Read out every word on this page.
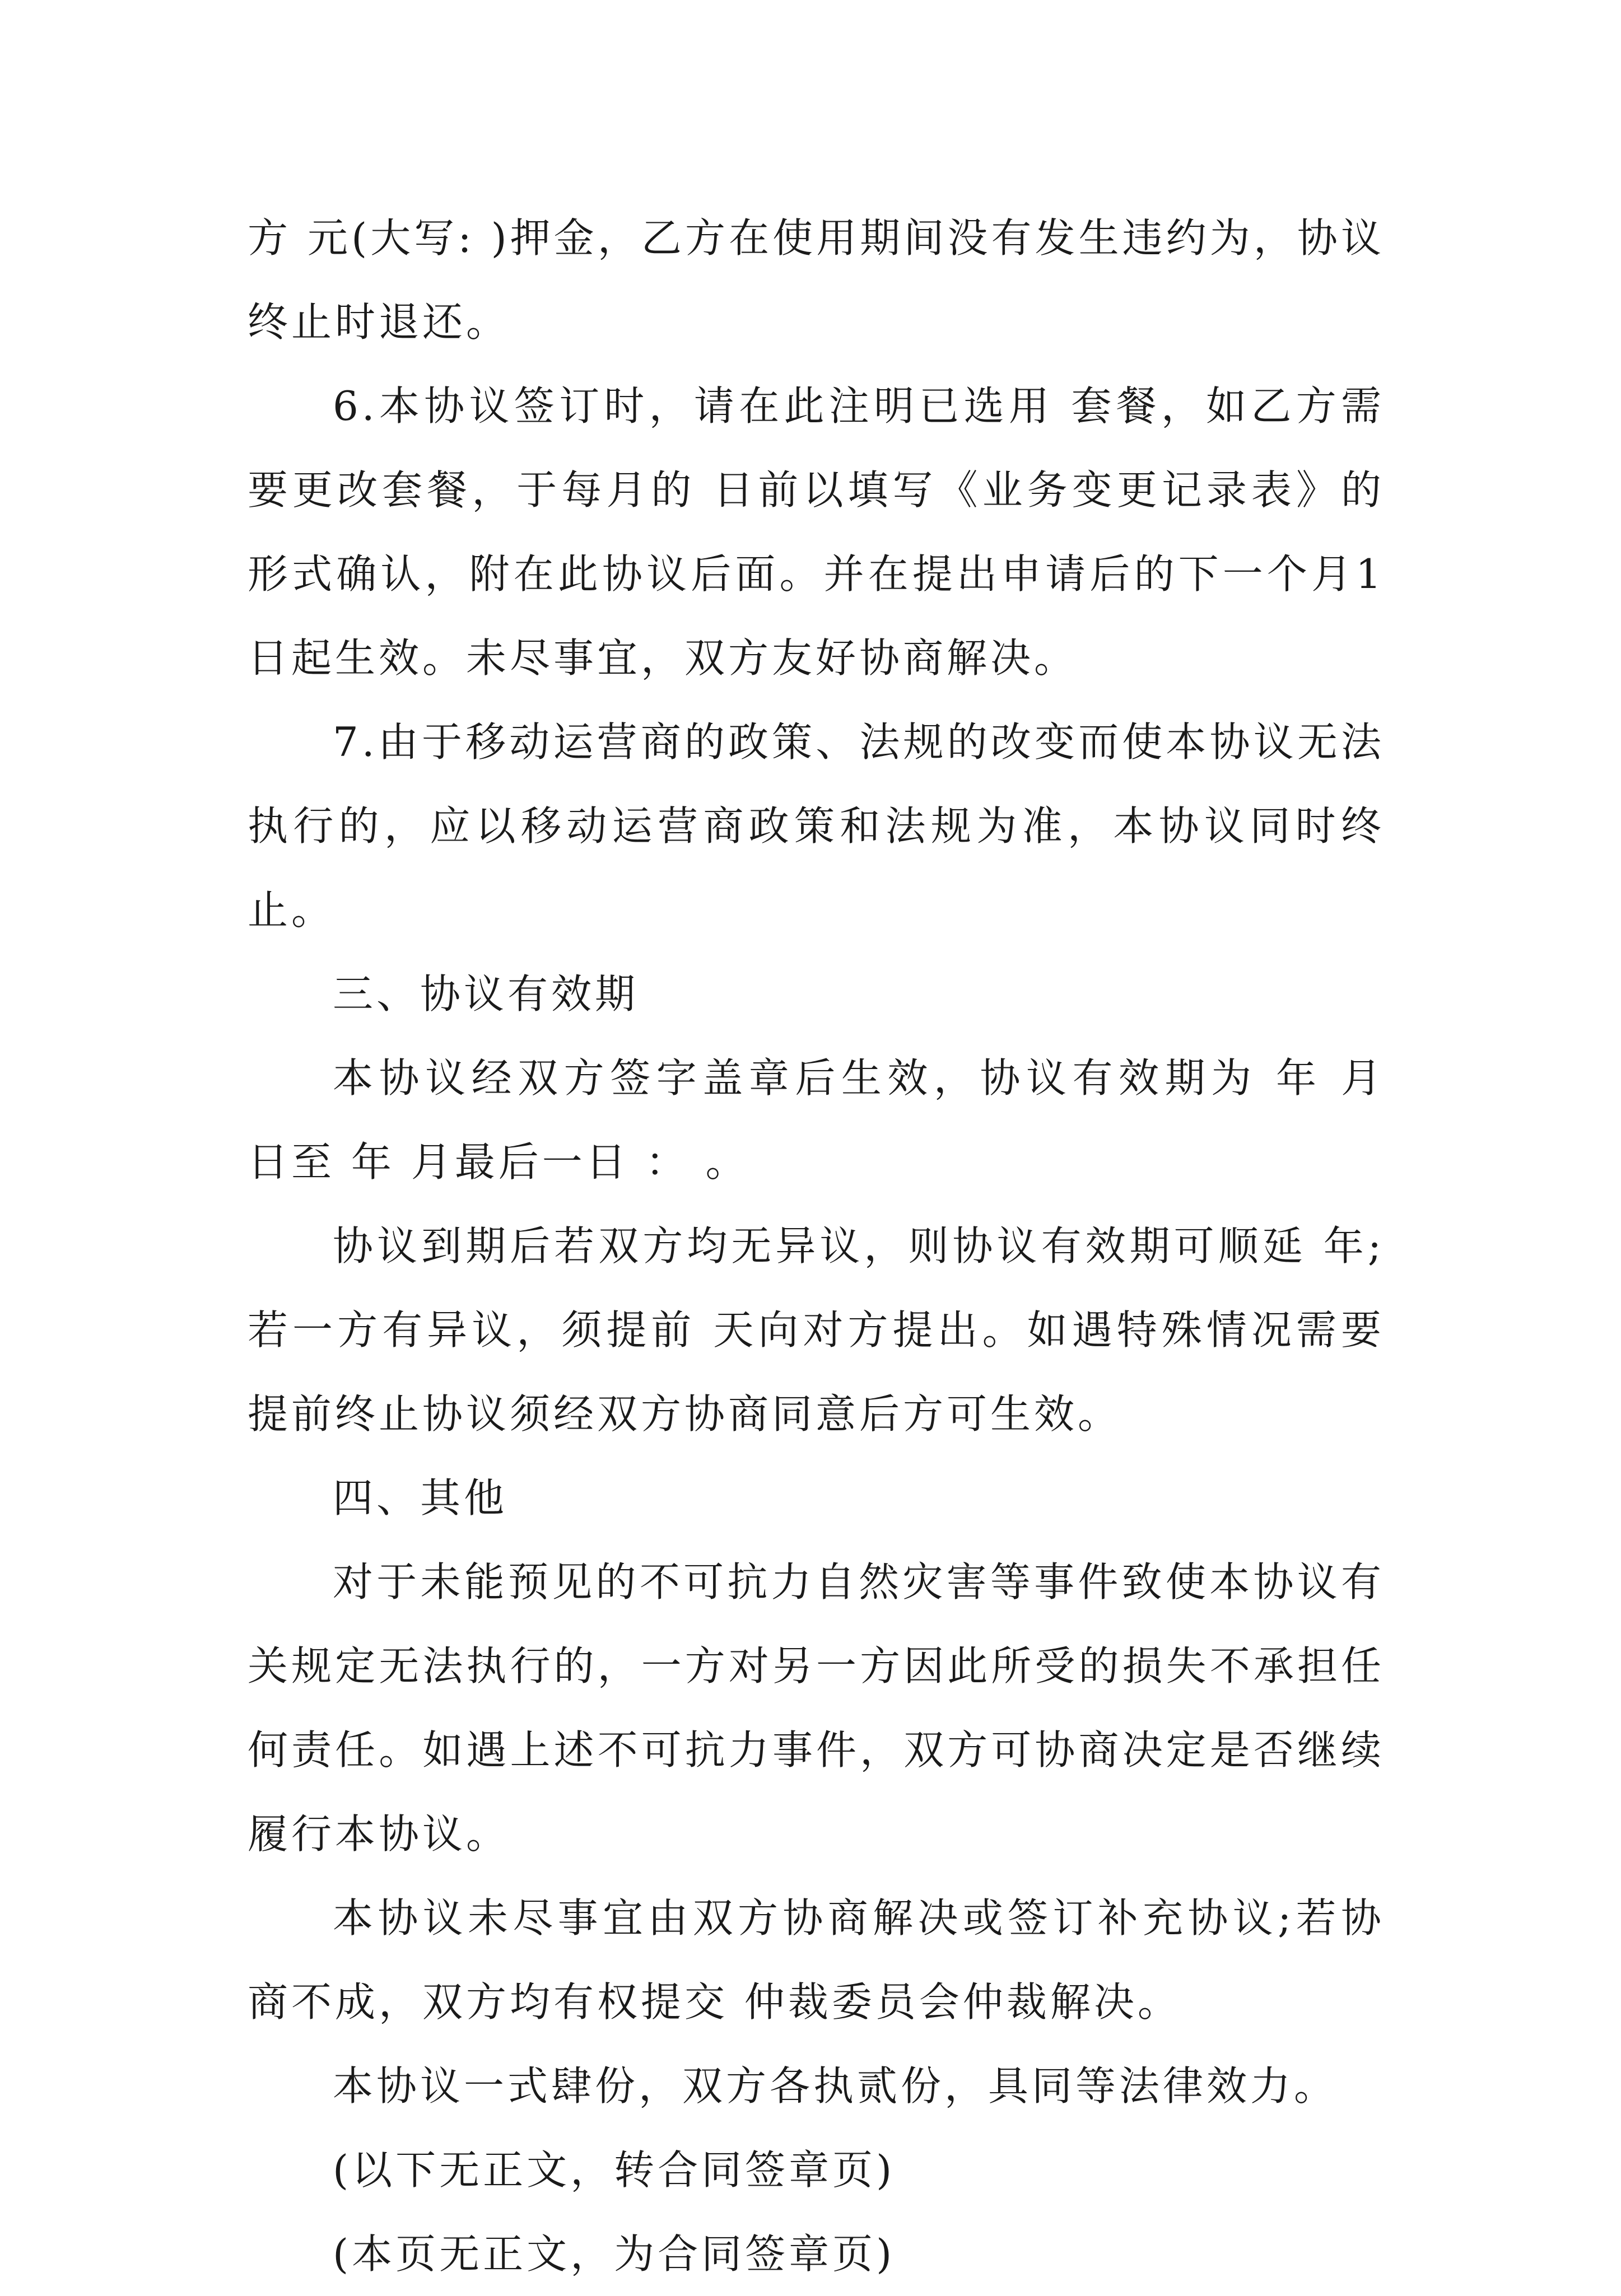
方 元(大写: )押金，乙方在使用期间没有发生违约为，协议终止时退还。

6.本协议签订时，请在此注明已选用 套餐，如乙方需要更改套餐，于每月的 日前以填写《业务变更记录表》的形式确认，附在此协议后面。并在提出申请后的下一个月1日起生效。未尽事宜，双方友好协商解决。

7.由于移动运营商的政策、法规的改变而使本协议无法执行的，应以移动运营商政策和法规为准，本协议同时终止。

三、协议有效期

本协议经双方签字盖章后生效，协议有效期为 年 月 日至 年 月最后一日 ： 。

协议到期后若双方均无异议，则协议有效期可顺延 年;若一方有异议，须提前 天向对方提出。如遇特殊情况需要提前终止协议须经双方协商同意后方可生效。

四、其他

对于未能预见的不可抗力自然灾害等事件致使本协议有关规定无法执行的，一方对另一方因此所受的损失不承担任何责任。如遇上述不可抗力事件，双方可协商决定是否继续履行本协议。

本协议未尽事宜由双方协商解决或签订补充协议;若协商不成，双方均有权提交 仲裁委员会仲裁解决。

本协议一式肆份，双方各执贰份，具同等法律效力。

(以下无正文，转合同签章页)

(本页无正文，为合同签章页)
